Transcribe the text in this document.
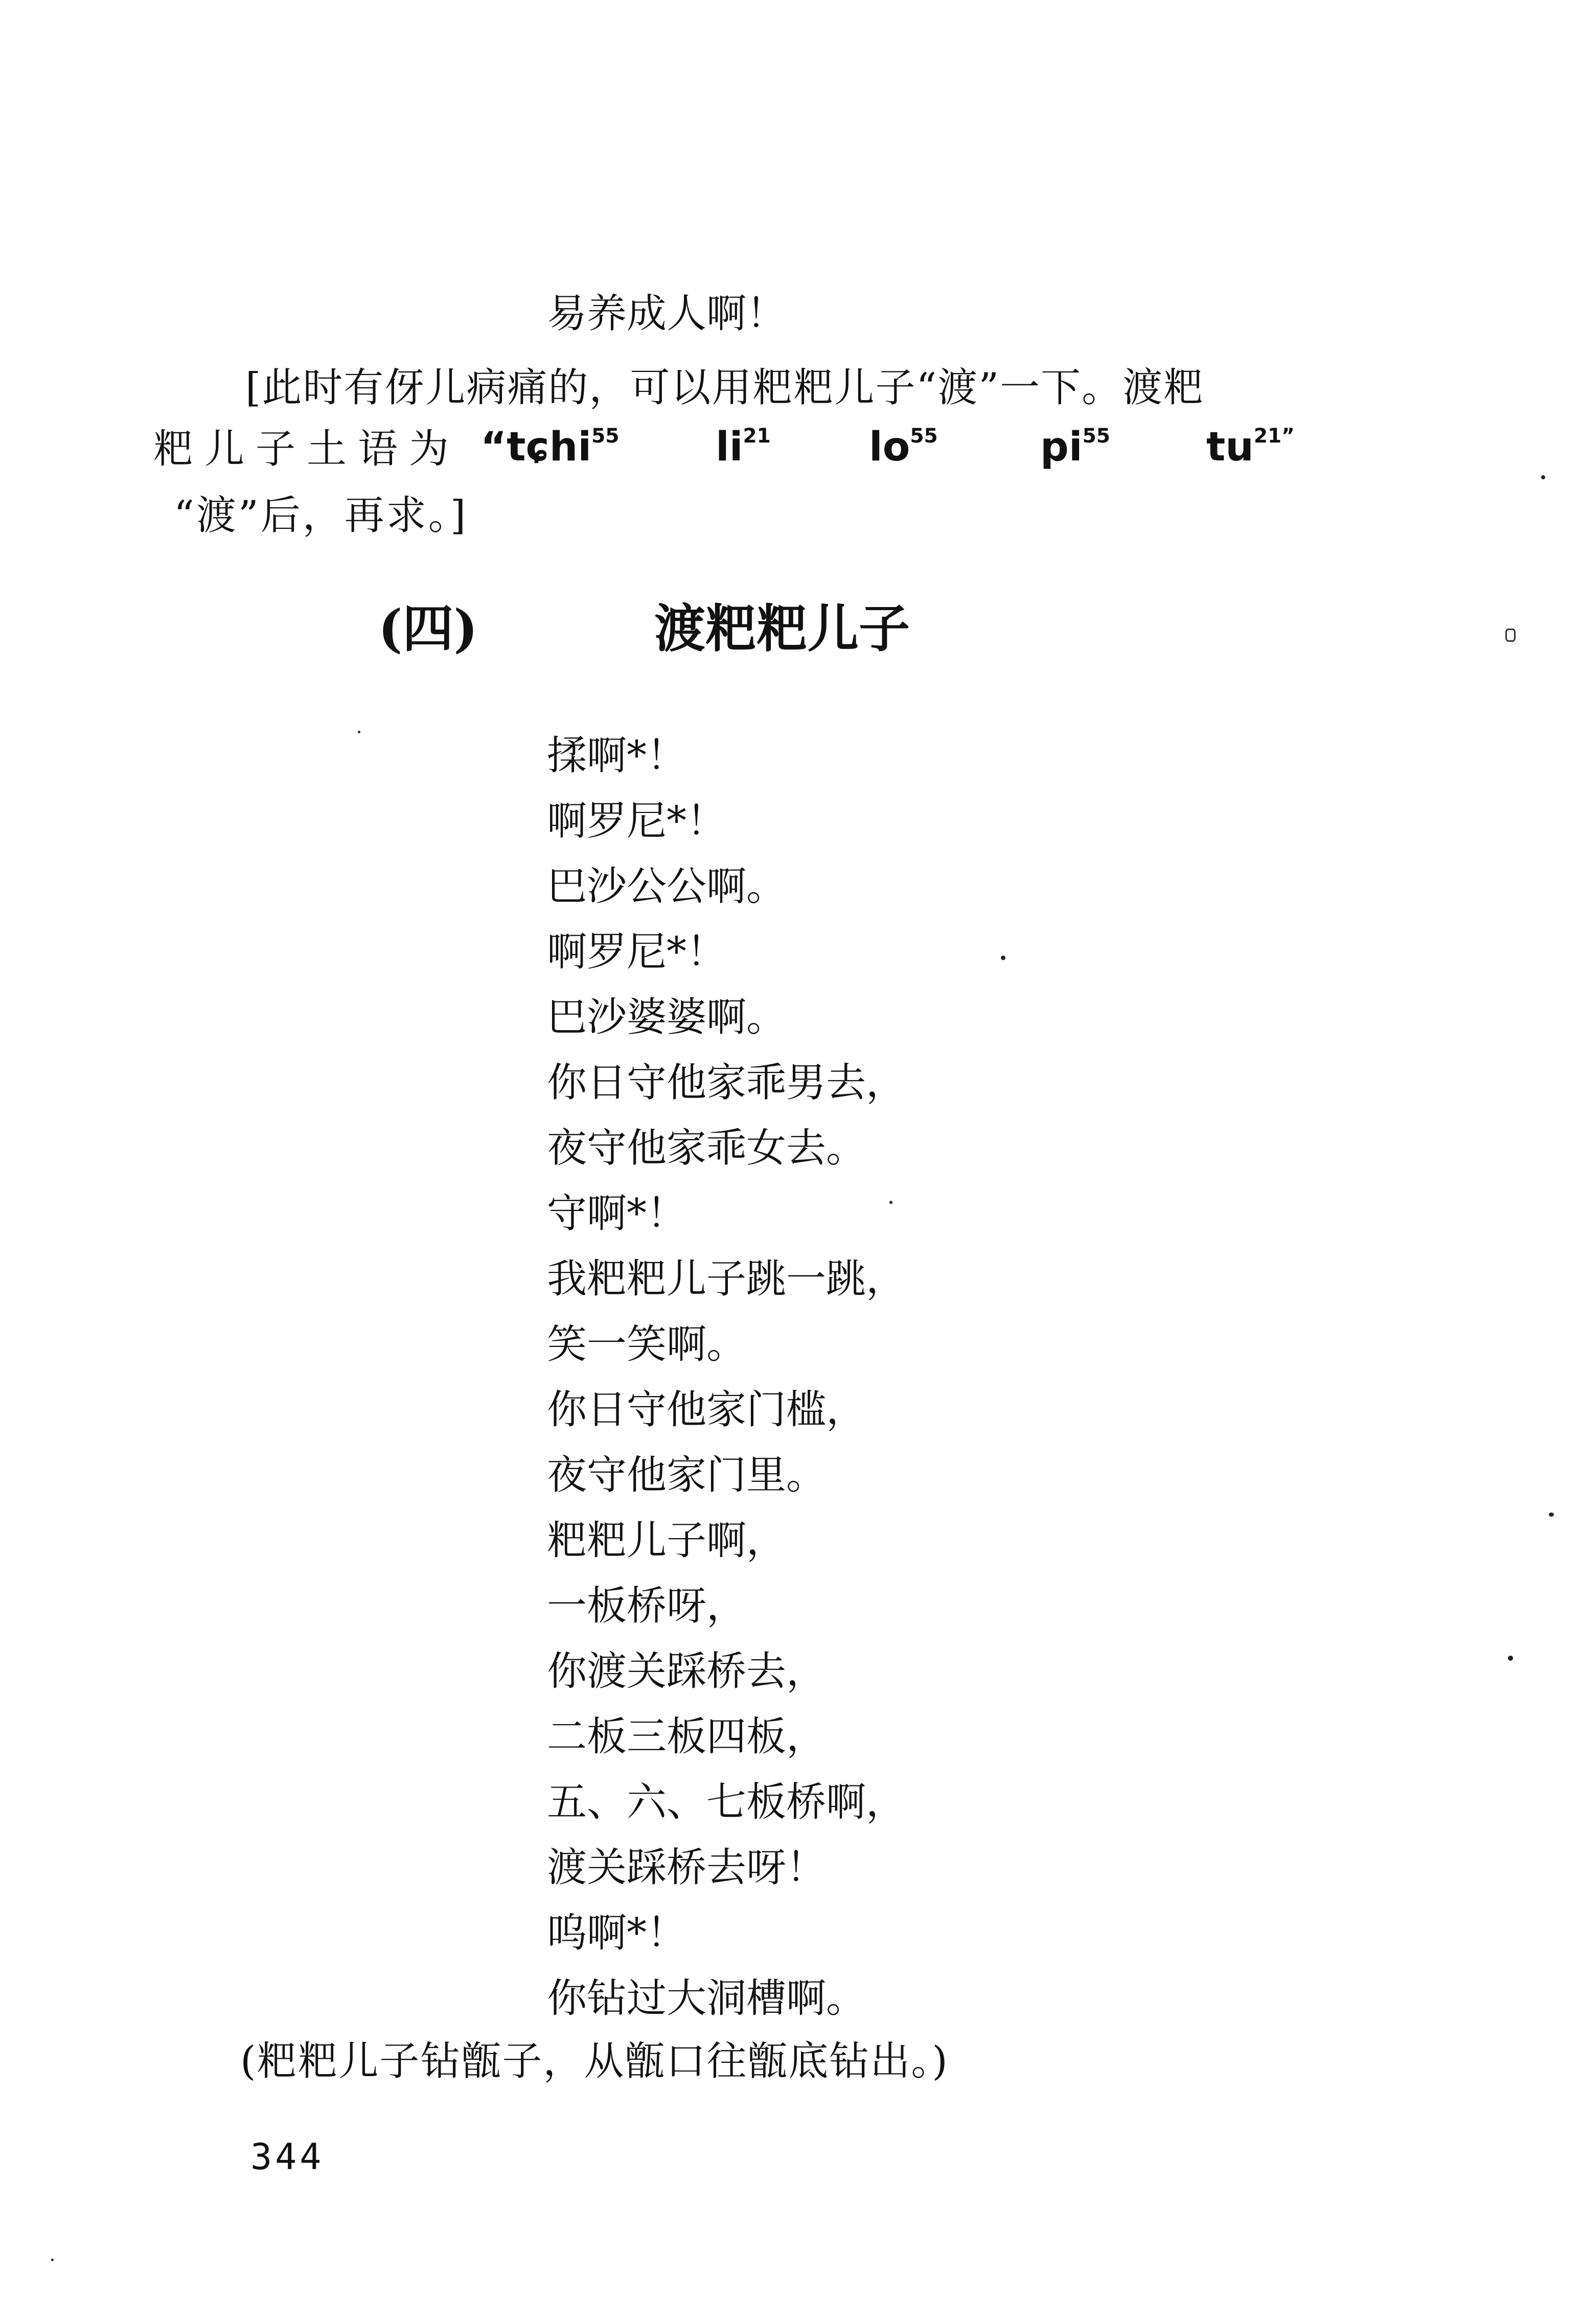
易养成人啊！
[此时有伢儿病痛的，可以用粑粑儿子“渡”一下。渡粑
粑儿子土语为 “tɕhi$^{55}$ $li^{21}$ $lo^{55}$	$pi^{55}$ $tu^{21”}$
“渡”后，再求。]
(四)	渡粑粑儿子
揉啊*！
啊罗尼*！
巴沙公公啊。
啊罗尼*！
巴沙婆婆啊。
你日守他家乖男去，
夜守他家乖女去。
守啊*！
我粑粑儿子跳一跳，
笑一笑啊。
你日守他家门槛，
夜守他家门里。
粑粑儿子啊，
一板桥呀，
你渡关踩桥去，
二板三板四板，
五、六、七板桥啊，
渡关踩桥去呀！
呜啊*！
你钻过大洞槽啊。
(粑粑儿子钻甑子，从甑口往甑底钻出。)
344
